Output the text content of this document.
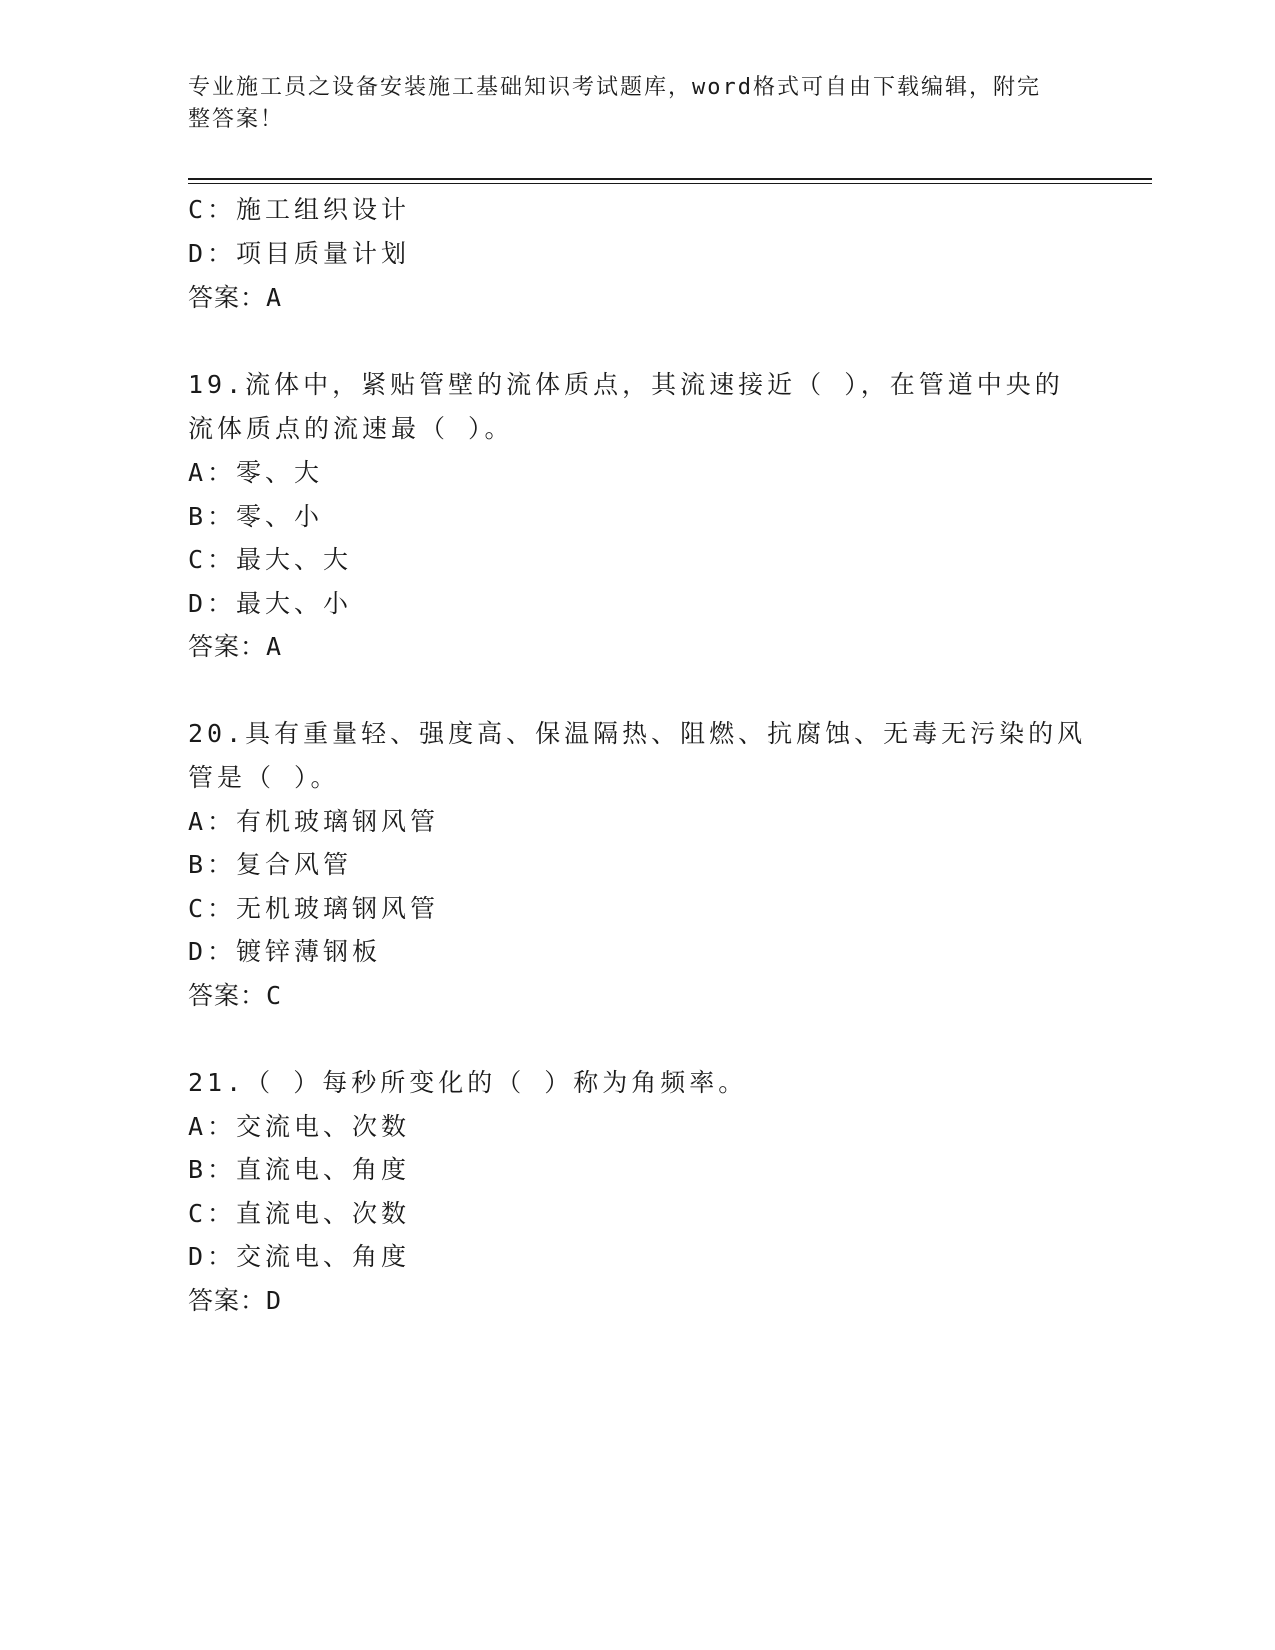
专业施工员之设备安装施工基础知识考试题库，word格式可自由下载编辑，附完
整答案！
C：施工组织设计
D：项目质量计划
答案：A
19.流体中，紧贴管壁的流体质点，其流速接近（ ），在管道中央的
流体质点的流速最（ ）。
A：零、大
B：零、小
C：最大、大
D：最大、小
答案：A
20.具有重量轻、强度高、保温隔热、阻燃、抗腐蚀、无毒无污染的风
管是（ ）。
A：有机玻璃钢风管
B：复合风管
C：无机玻璃钢风管
D：镀锌薄钢板
答案：C
21.（ ）每秒所变化的（ ）称为角频率。
A：交流电、次数
B：直流电、角度
C：直流电、次数
D：交流电、角度
答案：D
